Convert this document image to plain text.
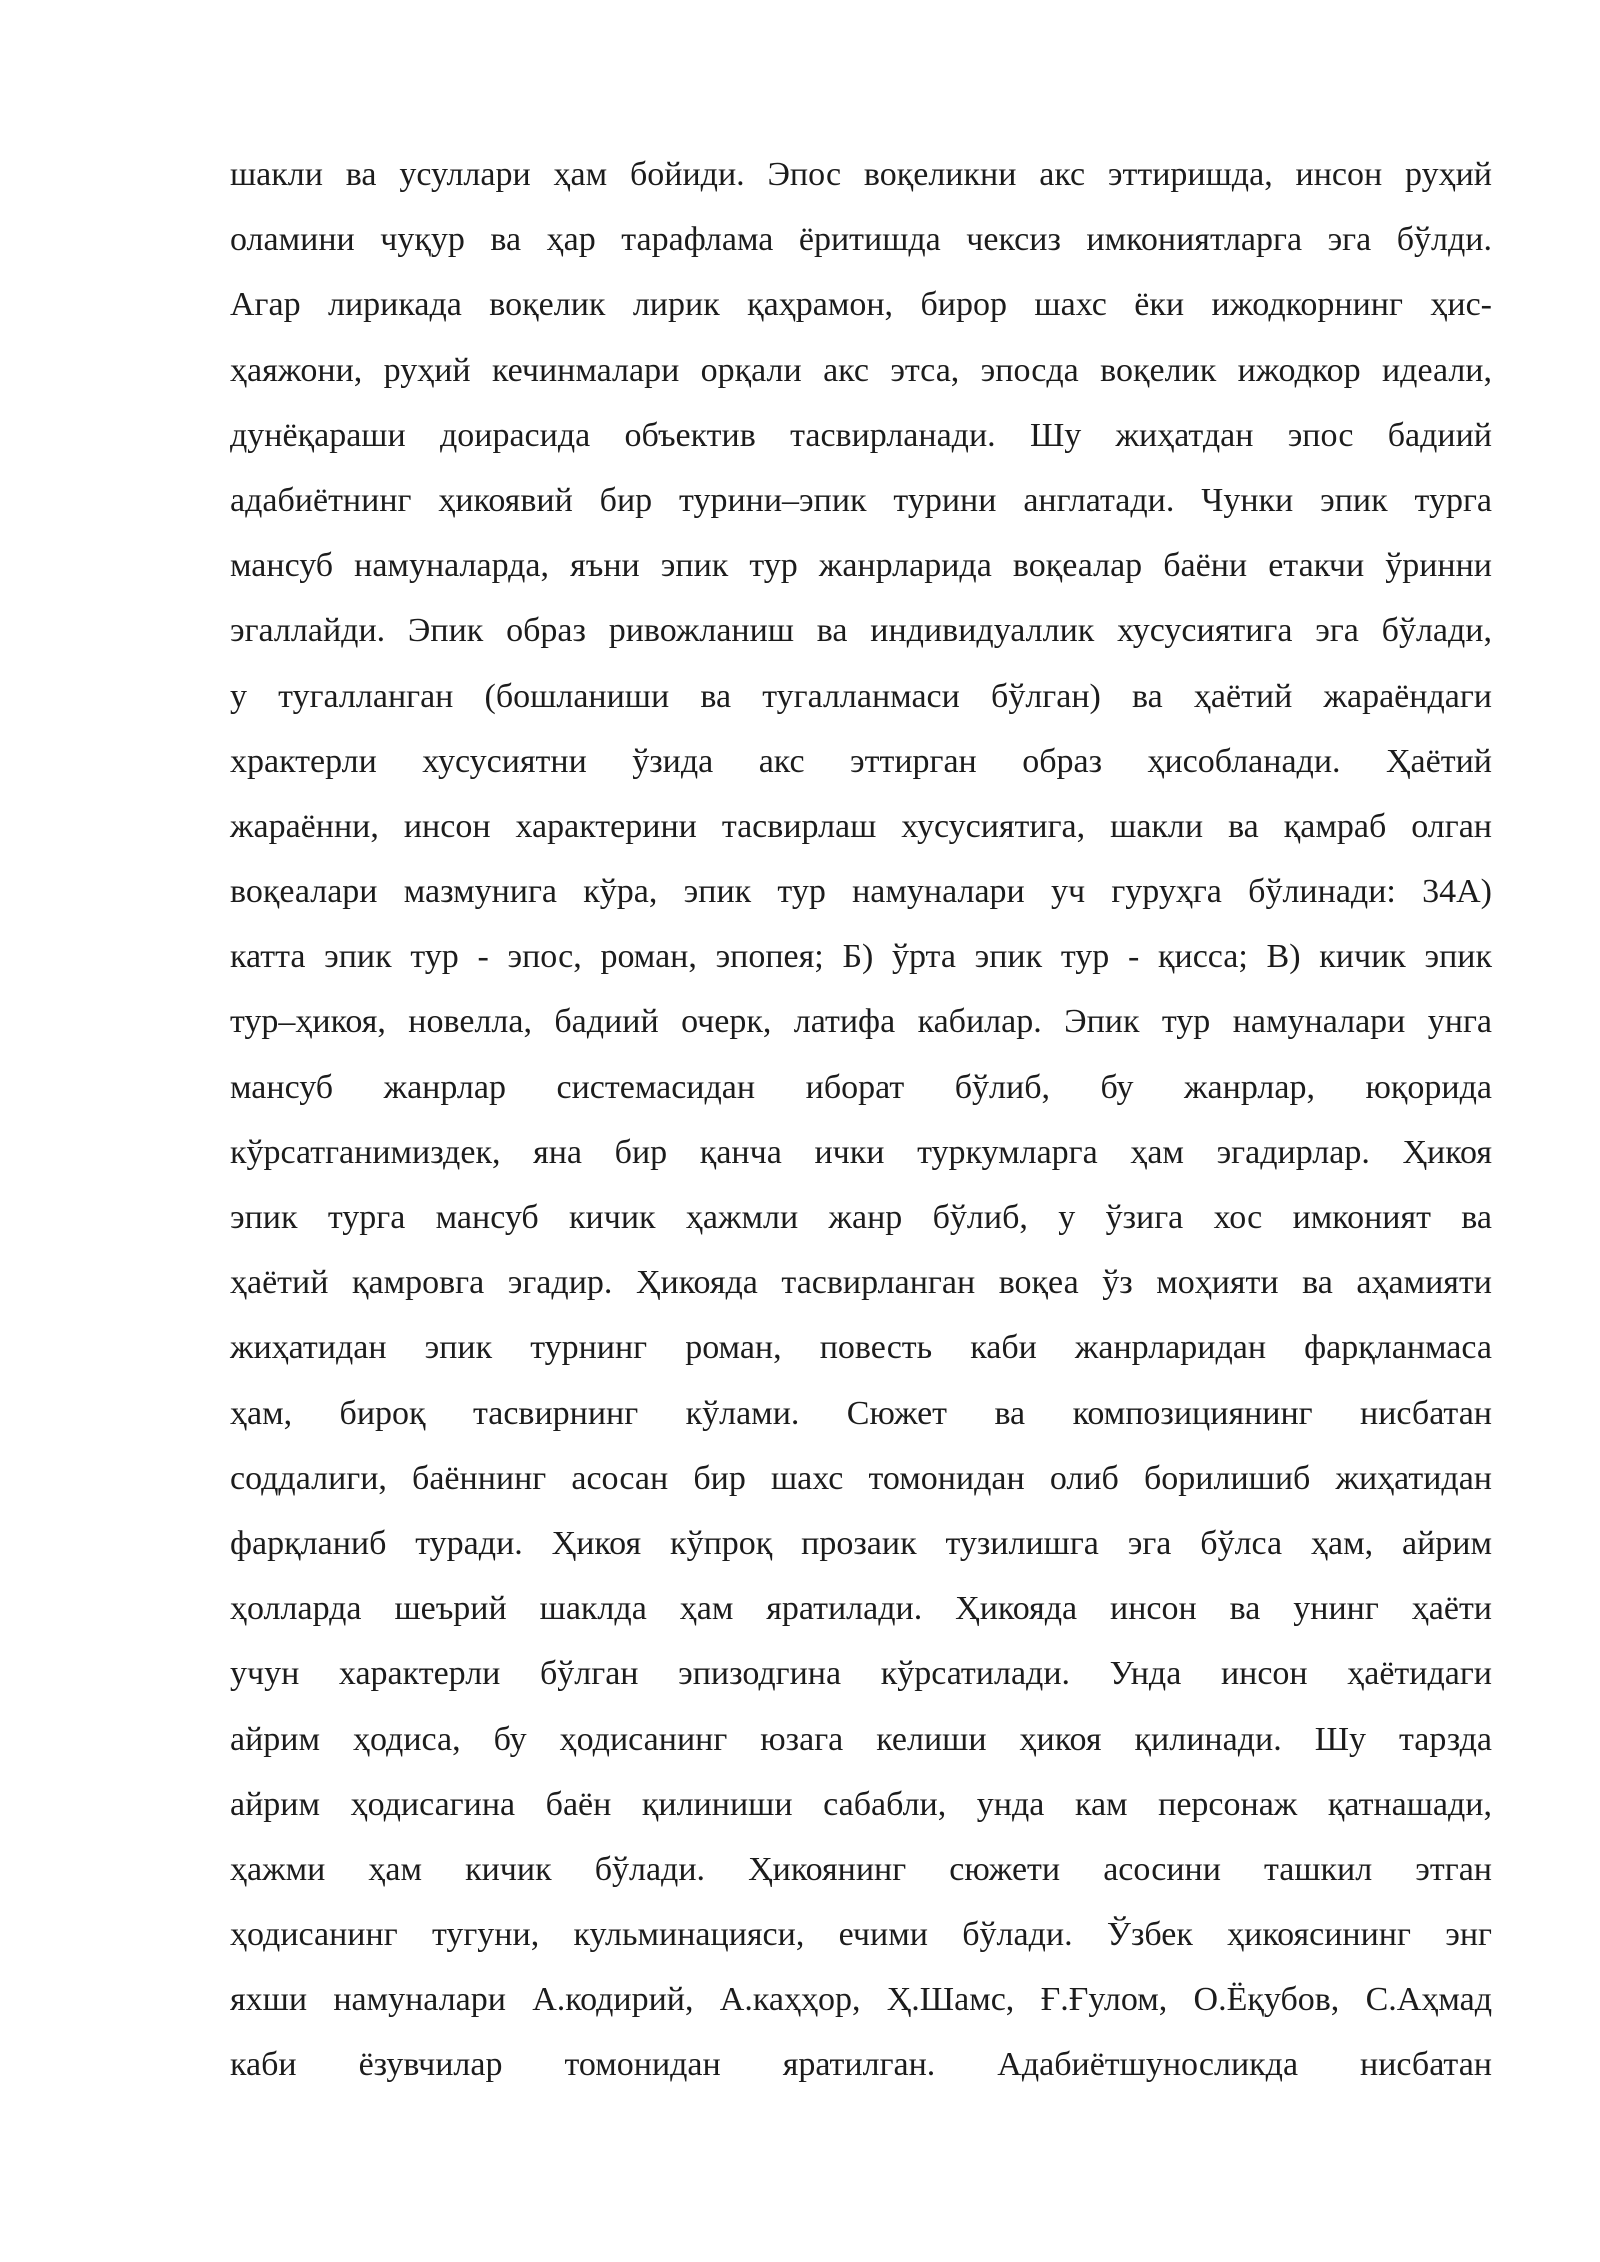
шакли ва усуллари ҳам бойиди. Эпос воқеликни акс эттиришда, инсон руҳий
оламини чуқур ва ҳар тарафлама ёритишда чексиз имкониятларга эга бўлди.
Агар лирикада воқелик лирик қаҳрамон, бирор шахс ёки ижодкорнинг ҳис-
ҳаяжони, руҳий кечинмалари орқали акс этса, эпосда воқелик ижодкор идеали,
дунёқараши доирасида объектив тасвирланади. Шу жиҳатдан эпос бадиий
адабиётнинг ҳикоявий бир турини–эпик турини англатади. Чунки эпик турга
мансуб намуналарда, яъни эпик тур жанрларида воқеалар баёни етакчи ўринни
эгаллайди. Эпик образ ривожланиш ва индивидуаллик хусусиятига эга бўлади,
у тугалланган (бошланиши ва тугалланмаси бўлган) ва ҳаётий жараёндаги
храктерли хусусиятни ўзида акс эттирган образ ҳисобланади. Ҳаётий
жараённи, инсон характерини тасвирлаш хусусиятига, шакли ва қамраб олган
воқеалари мазмунига кўра, эпик тур намуналари уч гуруҳга бўлинади: 34А)
катта эпик тур - эпос, роман, эпопея; Б) ўрта эпик тур - қисса; В) кичик эпик
тур–ҳикоя, новелла, бадиий очерк, латифа кабилар. Эпик тур намуналари унга
мансуб жанрлар системасидан иборат бўлиб, бу жанрлар, юқорида
кўрсатганимиздек, яна бир қанча ички туркумларга ҳам эгадирлар. Ҳикоя
эпик турга мансуб кичик ҳажмли жанр бўлиб, у ўзига хос имконият ва
ҳаётий қамровга эгадир. Ҳикояда тасвирланган воқеа ўз моҳияти ва аҳамияти
жиҳатидан эпик турнинг роман, повесть каби жанрларидан фарқланмаса
ҳам, бироқ тасвирнинг кўлами. Сюжет ва композициянинг нисбатан
соддалиги, баённинг асосан бир шахс томонидан олиб борилишиб жиҳатидан
фарқланиб туради. Ҳикоя кўпроқ прозаик тузилишга эга бўлса ҳам, айрим
ҳолларда шеърий шаклда ҳам яратилади. Ҳикояда инсон ва унинг ҳаёти
учун характерли бўлган эпизодгина кўрсатилади. Унда инсон ҳаётидаги
айрим ҳодиса, бу ҳодисанинг юзага келиши ҳикоя қилинади. Шу тарзда
айрим ҳодисагина баён қилиниши сабабли, унда кам персонаж қатнашади,
ҳажми ҳам кичик бўлади. Ҳикоянинг сюжети асосини ташкил этган
ҳодисанинг тугуни, кульминацияси, ечими бўлади. Ўзбек ҳикоясининг энг
яхши намуналари А.кодирий, А.каҳҳор, Ҳ.Шамс, Ғ.Ғулом, О.Ёқубов, С.Аҳмад
каби ёзувчилар томонидан яратилган. Адабиётшуносликда нисбатан
